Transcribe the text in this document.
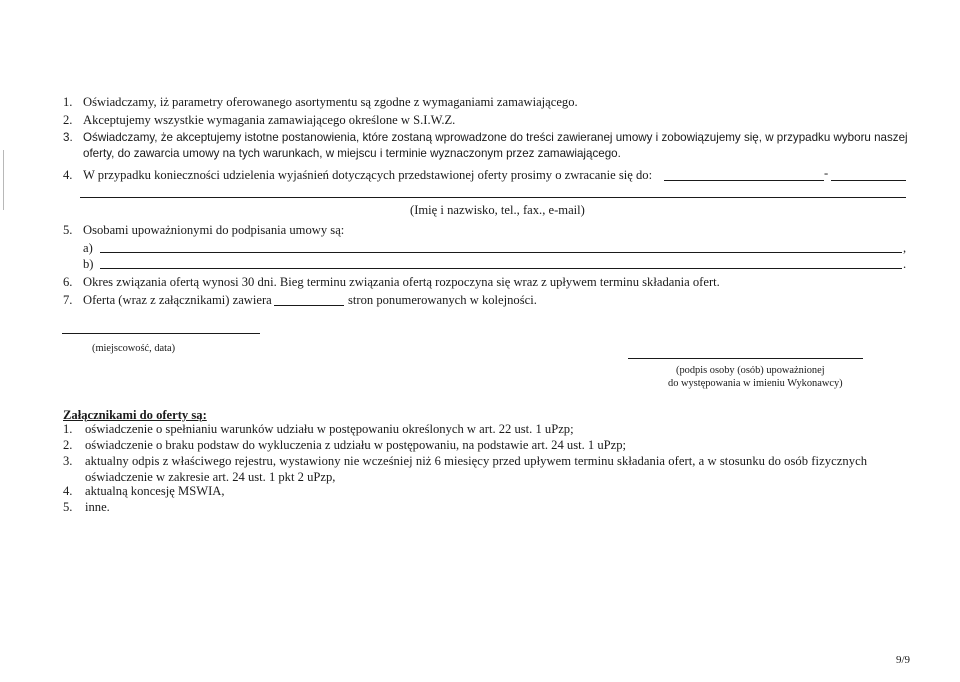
1. Oświadczamy, iż parametry oferowanego asortymentu są zgodne z wymaganiami zamawiającego.
2. Akceptujemy wszystkie wymagania zamawiającego określone w S.I.W.Z.
3. Oświadczamy, że akceptujemy istotne postanowienia, które zostaną wprowadzone do treści zawieranej umowy i zobowiązujemy się, w przypadku wyboru naszej
oferty, do zawarcia umowy na tych warunkach, w miejscu i terminie wyznaczonym przez zamawiającego.
4. W przypadku konieczności udzielenia wyjaśnień dotyczących przedstawionej oferty prosimy o zwracanie się do:	-
(Imię i nazwisko, tel., fax., e-mail)
5. Osobami upoważnionymi do podpisania umowy są:
a)	,
b)	.
6. Okres związania ofertą wynosi 30 dni. Bieg terminu związania ofertą rozpoczyna się wraz z upływem terminu składania ofert.
7. Oferta (wraz z załącznikami) zawiera	stron ponumerowanych w kolejności.
(miejscowość, data)
(podpis osoby (osób) upoważnionej
do występowania w imieniu Wykonawcy)
Załącznikami do oferty są:
1. oświadczenie o spełnianiu warunków udziału w postępowaniu określonych w art. 22 ust. 1 uPzp;
2. oświadczenie o braku podstaw do wykluczenia z udziału w postępowaniu, na podstawie art. 24 ust. 1 uPzp;
3. aktualny odpis z właściwego rejestru, wystawiony nie wcześniej niż 6 miesięcy przed upływem terminu składania ofert, a w stosunku do osób fizycznych
oświadczenie w zakresie art. 24 ust. 1 pkt 2 uPzp,
4. aktualną koncesję MSWIA,
5. inne.
9/9
